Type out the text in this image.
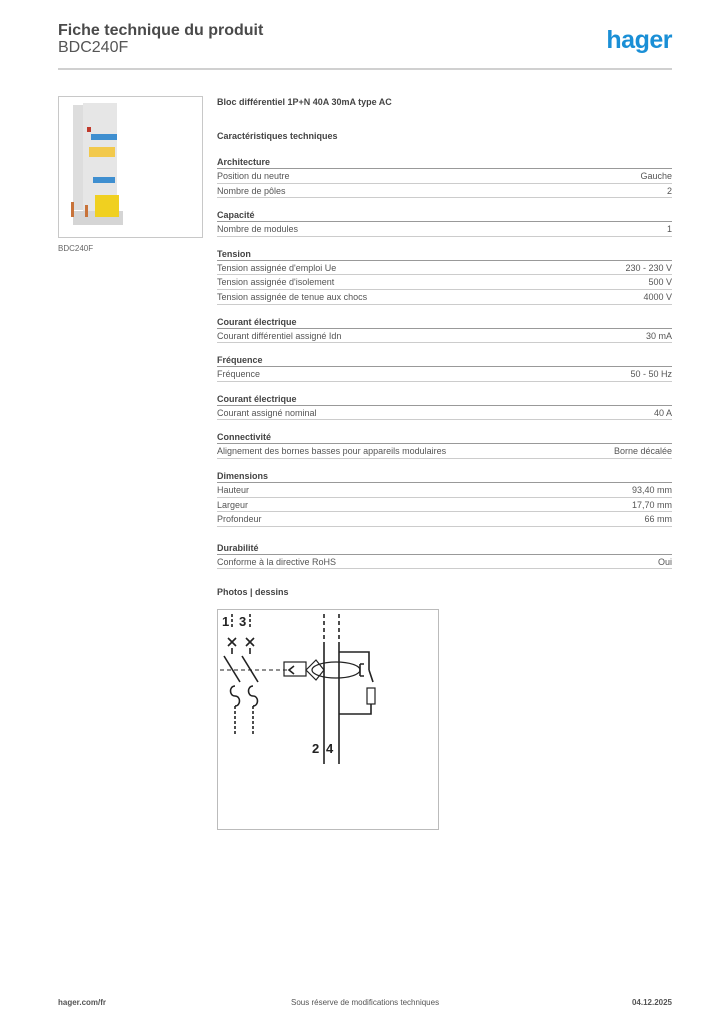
Fiche technique du produit
BDC240F	hager
BDC240F
Bloc différentiel 1P+N 40A 30mA type AC
Caractéristiques techniques
Architecture
Position du neutre	Gauche
Nombre de pôles	2
Capacité
Nombre de modules	1
Tension
Tension assignée d'emploi Ue	230 - 230 V
Tension assignée d'isolement	500 V
Tension assignée de tenue aux chocs	4000 V
Courant électrique
Courant différentiel assigné Idn	30 mA
Fréquence
Fréquence	50 - 50 Hz
Courant électrique
Courant assigné nominal	40 A
Connectivité
Alignement des bornes basses pour appareils modulaires	Borne décalée
Dimensions
Hauteur	93,40 mm
Largeur	17,70 mm
Profondeur	66 mm
Durabilité
Conforme à la directive RoHS	Oui
Photos | dessins
1 3
2 4
hager.com/fr	Sous réserve de modifications techniques	04.12.2025
